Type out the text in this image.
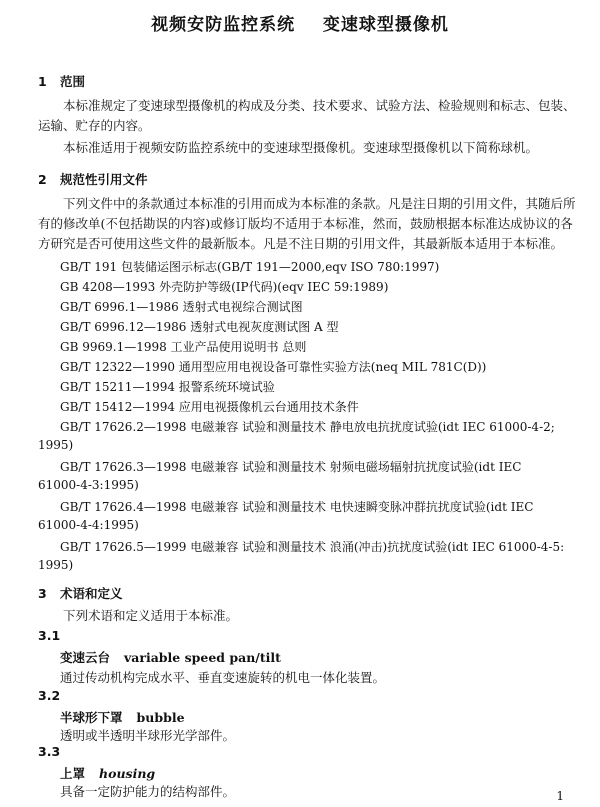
视频安防监控系统    变速球型摄像机
1 范围
本标准规定了变速球型摄像机的构成及分类、技术要求、试验方法、检验规则和标志、包装、运输、贮存的内容。
本标准适用于视频安防监控系统中的变速球型摄像机。变速球型摄像机以下简称球机。
2 规范性引用文件
下列文件中的条款通过本标准的引用而成为本标准的条款。凡是注日期的引用文件，其随后所有的修改单(不包括勘误的内容)或修订版均不适用于本标准，然而，鼓励根据本标准达成协议的各方研究是否可使用这些文件的最新版本。凡是不注日期的引用文件，其最新版本适用于本标准。
GB/T 191 包装储运图示标志(GB/T 191—2000,eqv ISO 780:1997)
GB 4208—1993 外壳防护等级(IP代码)(eqv IEC 59:1989)
GB/T 6996.1—1986 透射式电视综合测试图
GB/T 6996.12—1986 透射式电视灰度测试图 A 型
GB 9969.1—1998 工业产品使用说明书 总则
GB/T 12322—1990 通用型应用电视设备可靠性实验方法(neq MIL 781C(D))
GB/T 15211—1994 报警系统环境试验
GB/T 15412—1994 应用电视摄像机云台通用技术条件
GB/T 17626.2—1998 电磁兼容 试验和测量技术 静电放电抗扰度试验(idt IEC 61000-4-2;
1995)
GB/T 17626.3—1998 电磁兼容 试验和测量技术 射频电磁场辐射抗扰度试验(idt IEC
61000-4-3:1995)
GB/T 17626.4—1998 电磁兼容 试验和测量技术 电快速瞬变脉冲群抗扰度试验(idt IEC
61000-4-4:1995)
GB/T 17626.5—1999 电磁兼容 试验和测量技术 浪涌(冲击)抗扰度试验(idt IEC 61000-4-5:
1995)
3 术语和定义
下列术语和定义适用于本标准。
3.1
变速云台 variable speed pan/tilt
通过传动机构完成水平、垂直变速旋转的机电一体化装置。
3.2
半球形下罩 bubble
透明或半透明半球形光学部件。
3.3
上罩 housing
具备一定防护能力的结构部件。	1
